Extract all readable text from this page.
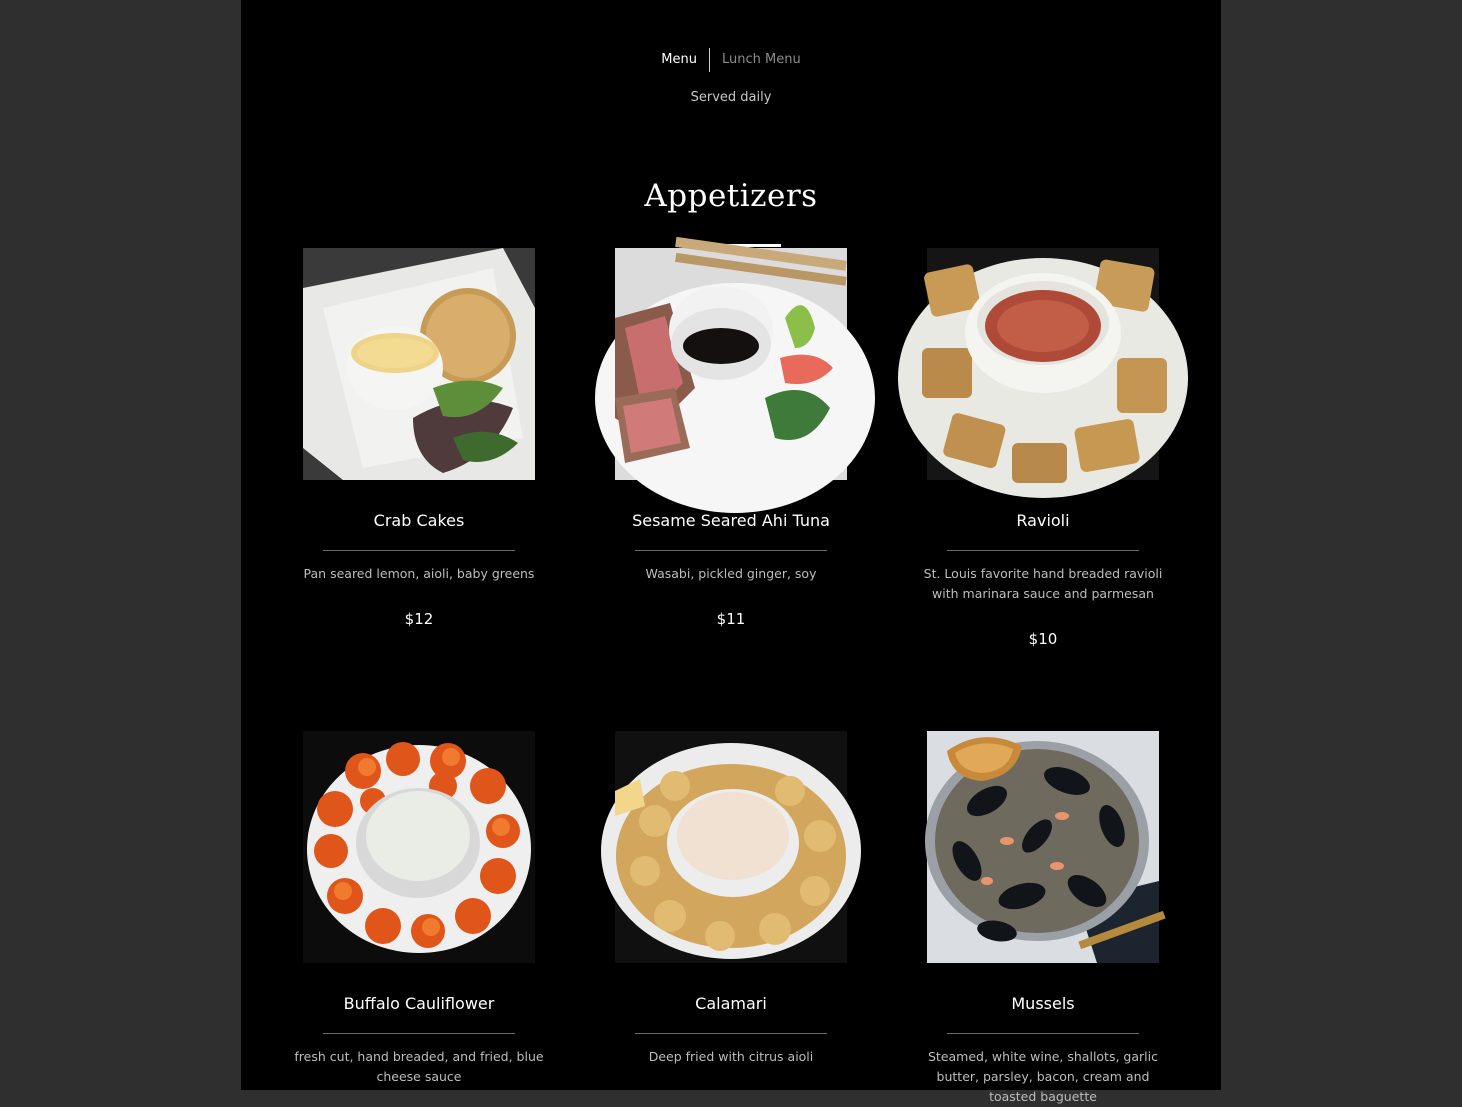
Menu	Lunch Menu
Served daily
Appetizers
Crab Cakes
Pan seared lemon, aioli, baby greens
$12
Sesame Seared Ahi Tuna
Wasabi, pickled ginger, soy
$11
Ravioli
St. Louis favorite hand breaded ravioli with marinara sauce and parmesan
$10
Buffalo Cauliflower
fresh cut, hand breaded, and fried, blue cheese sauce
Calamari
Deep fried with citrus aioli
Mussels
Steamed, white wine, shallots, garlic butter, parsley, bacon, cream and toasted baguette
